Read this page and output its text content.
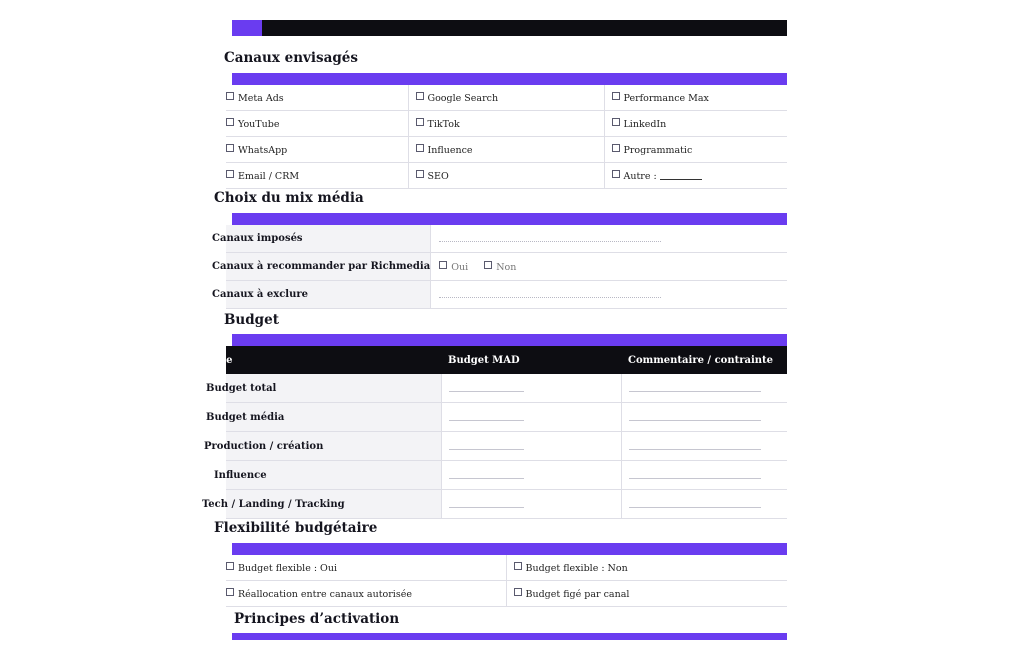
Canaux envisagés
Meta Ads	Google Search	Performance Max
YouTube	TikTok	LinkedIn
WhatsApp	Influence	Programmatic
Email / CRM	SEO	Autre :
Choix du mix média
Canaux imposés	
Canaux à recommander par Richmedia	Oui Non
Canaux à exclure	
Budget
Poste	Budget MAD	Commentaire / contrainte
Budget total		
Budget média		
Production / création		
Influence		
Tech / Landing / Tracking		
Flexibilité budgétaire
Budget flexible : Oui	Budget flexible : Non
Réallocation entre canaux autorisée	Budget figé par canal
Principes d’activation
